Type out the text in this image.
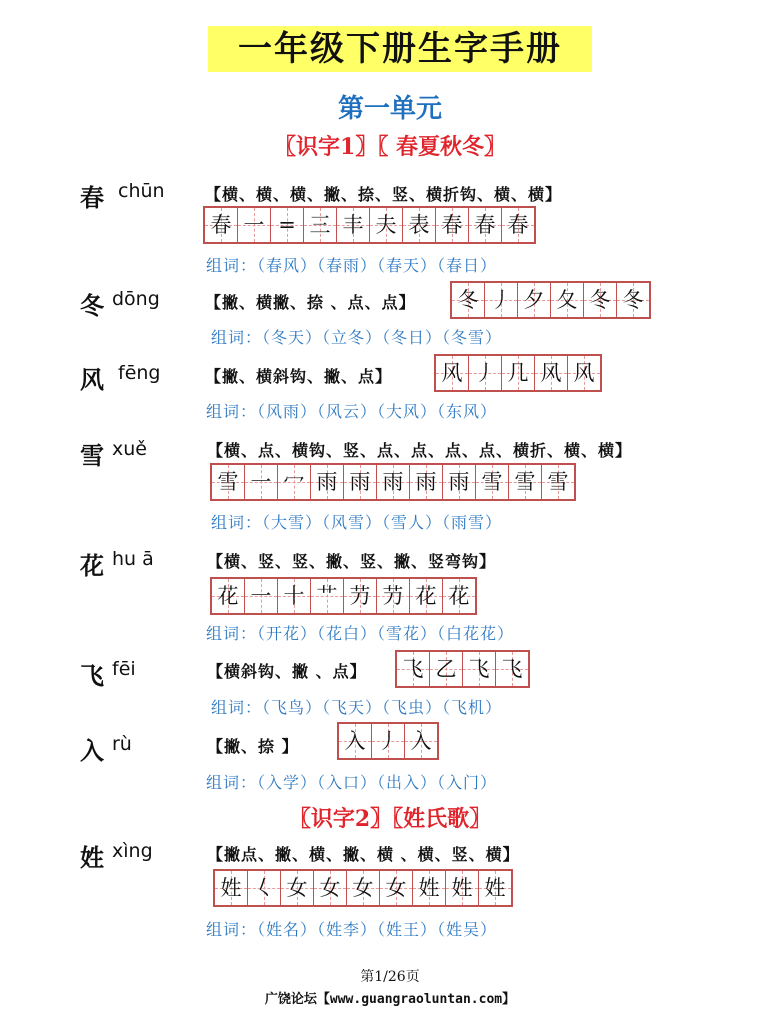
一年级下册生字手册
第一单元
〖识字1〗〖 春夏秋冬〗
〖识字2〗〖姓氏歌〗
春 chūn	【横、横、横、撇、捺、竖、横折钩、横、横】
春 一 = 三 丰 夫 表 春 春 春
组词：（春风）（春雨）（春天）（春日）
冬 dōng	【撇、横撇、捺 、点、点】 冬 丿 夕 夂 冬 冬
组词：（冬天）（立冬）（冬日）（冬雪）
风 fēng	【撇、横斜钩、撇、点】 风 丿 几 风 风
组词：（风雨）（风云）（大风）（东风）
雪 xuě	【横、点、横钩、竖、点、点、点、点、横折、横、横】
雪 一 冖 雨 雨 雨 雨 雨 雪 雪 雪
组词：（大雪）（风雪）（雪人）（雨雪）
花 hu ā	【横、竖、竖、撇、竖、撇、竖弯钩】
花 一 十 艹 芀 芀 花 花
组词：（开花）（花白）（雪花）（白花花）
飞 fēi	【横斜钩、撇 、点】 飞 乙 飞 飞
组词：（飞鸟）（飞天）（飞虫）（飞机）
入 rù	【撇、捺 】 入 丿 入
组词：（入学）（入口）（出入）（入门）
姓 xìng	【撇点、撇、横、撇、横 、横、竖、横】
姓 𡿨 女 女 女 女 姓 姓 姓
组词：（姓名）（姓李）（姓王）（姓吴）
第1/26页
广饶论坛【www.guangraoluntan.com】
